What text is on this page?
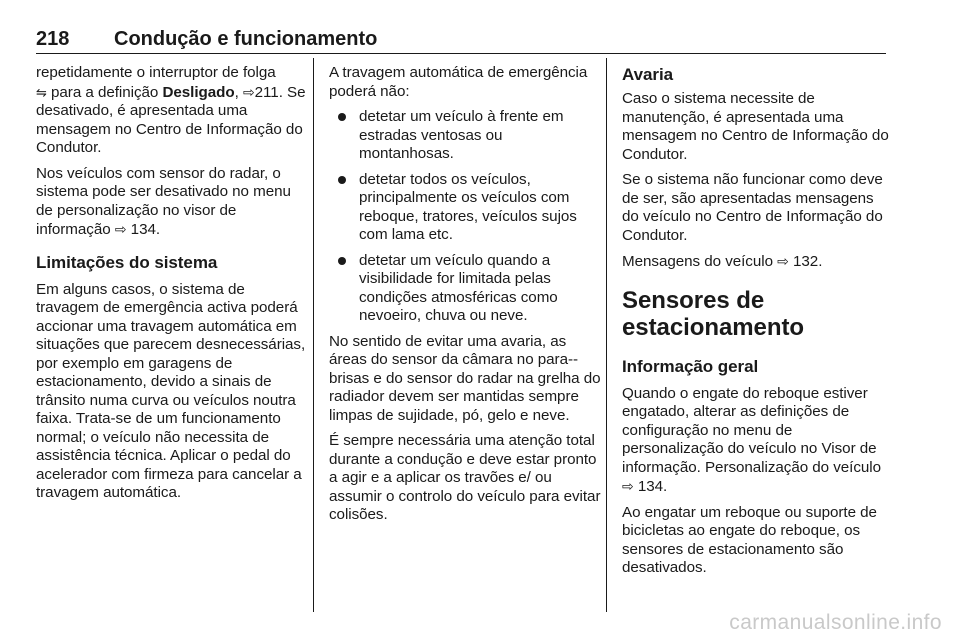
218 Condução e funcionamento

repetidamente o interruptor de folga
⇋ para a definição Desligado, ⇨211. Se desativado, é apresentada uma mensagem no Centro de Informação do Condutor.

Nos veículos com sensor do radar, o sistema pode ser desativado no menu de personalização no visor de informação ⇨ 134.

Limitações do sistema

Em alguns casos, o sistema de travagem de emergência activa poderá accionar uma travagem automática em situações que parecem desnecessárias, por exemplo em garagens de estacionamento, devido a sinais de trânsito numa curva ou veículos noutra faixa. Trata-se de um funcionamento normal; o veículo não necessita de assistência técnica. Aplicar o pedal do acelerador com firmeza para cancelar a travagem automática.

A travagem automática de emergência poderá não:

detetar um veículo à frente em estradas ventosas ou montanhosas.
detetar todos os veículos, principalmente os veículos com reboque, tratores, veículos sujos com lama etc.
detetar um veículo quando a visibilidade for limitada pelas condições atmosféricas como nevoeiro, chuva ou neve.

No sentido de evitar uma avaria, as áreas do sensor da câmara no para-‐brisas e do sensor do radar na grelha do radiador devem ser mantidas sempre limpas de sujidade, pó, gelo e neve.

É sempre necessária uma atenção total durante a condução e deve estar pronto a agir e a aplicar os travões e/ ou assumir o controlo do veículo para evitar colisões.

Avaria

Caso o sistema necessite de manutenção, é apresentada uma mensagem no Centro de Informação do Condutor.

Se o sistema não funcionar como deve de ser, são apresentadas mensagens do veículo no Centro de Informação do Condutor.

Mensagens do veículo ⇨ 132.

Sensores de estacionamento
Informação geral

Quando o engate do reboque estiver engatado, alterar as definições de configuração no menu de personalização do veículo no Visor de informação. Personalização do veículo ⇨ 134.

Ao engatar um reboque ou suporte de bicicletas ao engate do reboque, os sensores de estacionamento são desativados.

carmanualsonline.info
